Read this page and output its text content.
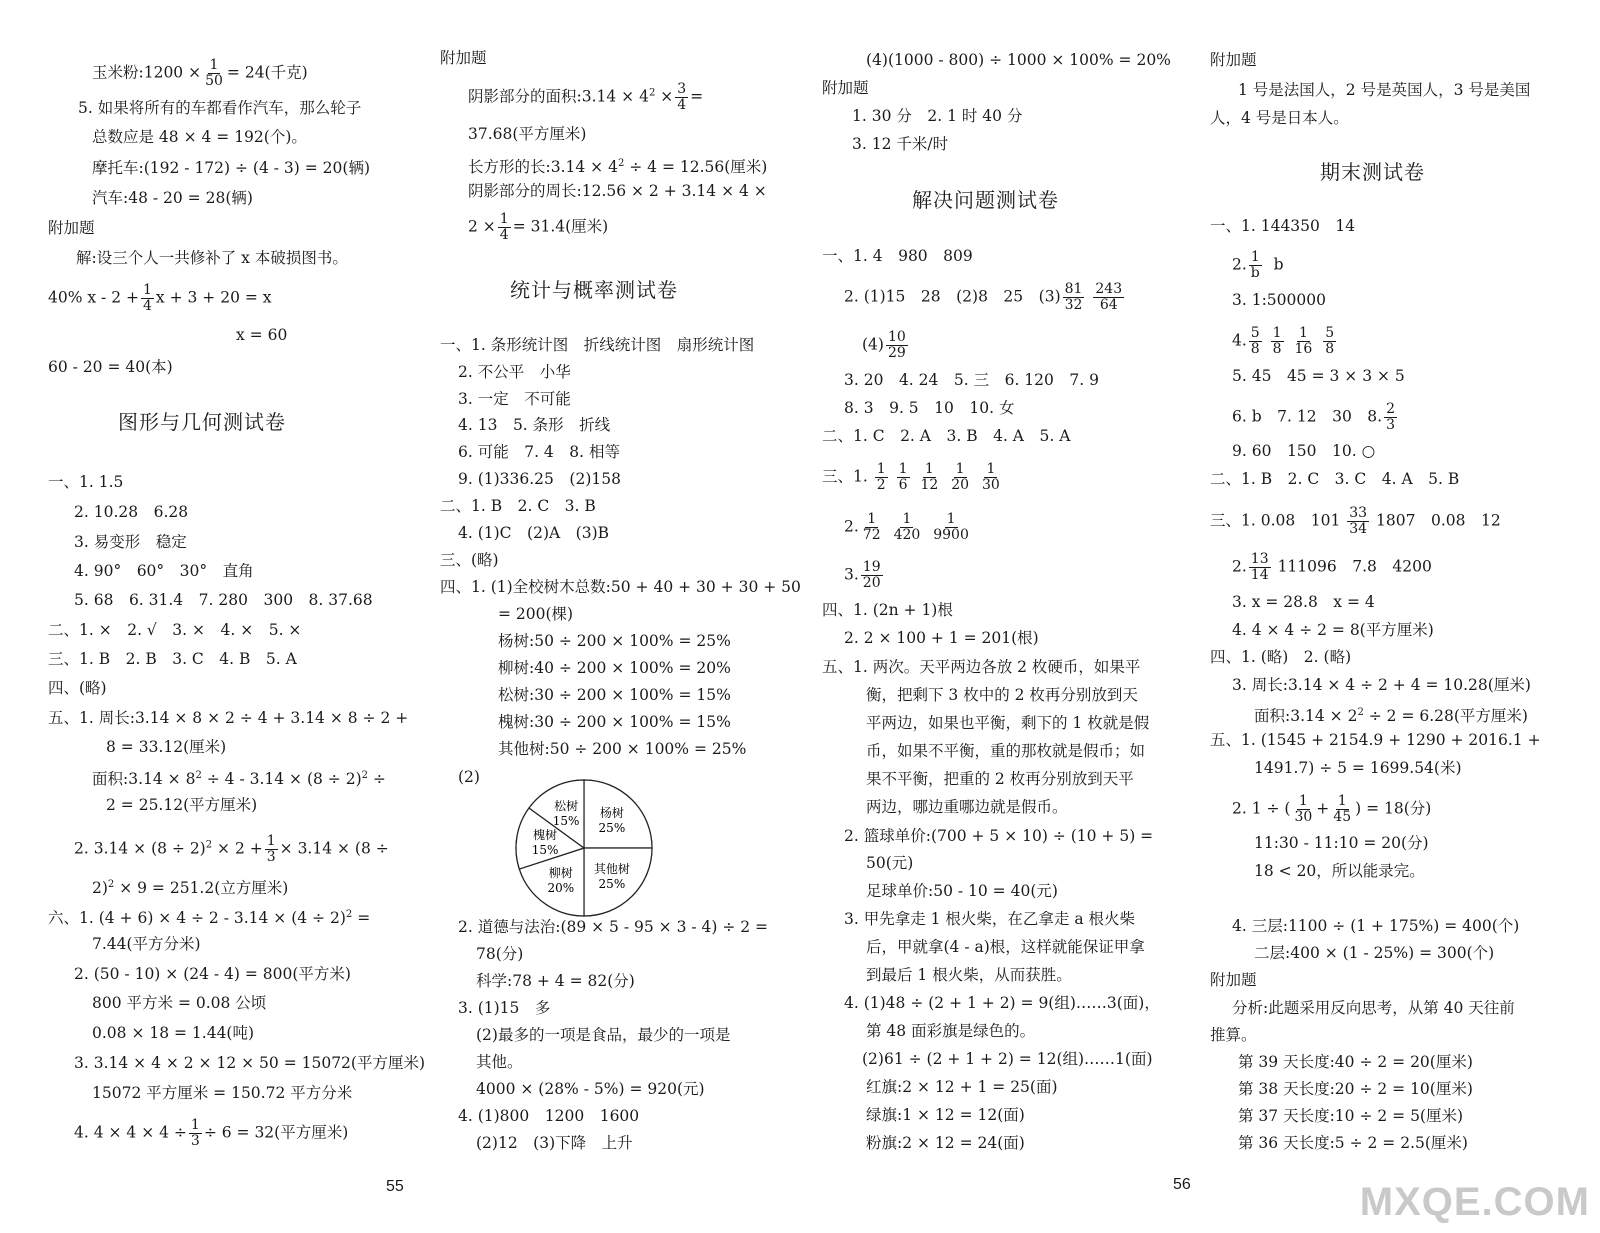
玉米粉:1200 × $\frac{1}{50} = 24$(千克)
5. 如果将所有的车都看作汽车，那么轮子
总数应是 48 × 4 = 192(个)。
摩托车:(192 - 172) ÷ (4 - 3) = 20(辆)
汽车:48 - 20 = 28(辆)
附加题
解:设三个人一共修补了 x 本破损图书。
40% $x - 2 + \frac{1}{4}$ x + 3 + 20 = x
x = 60
60 - 20 = 40(本)
图形与几何测试卷
一、1. 1.5
2. 10.28　6.28
3. 易变形　稳定
4. 90°　60°　30°　直角
5. 68　6. 31.4　7. 280　300　8. 37.68
二、1. ×　2. √　3. ×　4. ×　5. ×
三、1. B　2. B　3. C　4. B　5. A
四、(略)
五、1. 周长:3.14 × 8 × 2 ÷ 4 + 3.14 × 8 ÷ 2 +
8 = 33.12(厘米)
面积:3.14 × $8^2 \div 4 - 3.14 \times (8 \div 2)^2$ ÷
2 = 25.12(平方厘米)
2. $3.14 \times (8 \div 2)^2 \times 2 + \frac{1}{3} \times 3.14 \times (8$ ÷
2)$^2$ × 9 = 251.2(立方厘米)
六、1. $(4 + 6) \times 4 \div 2 - 3.14 \times (4 \div 2)^2$ =
7.44(平方分米)
2. (50 - 10) × (24 - 4) = 800(平方米)
800 平方米 = 0.08 公顷
0.08 × 18 = 1.44(吨)
3. 3.14 × 4 × 2 × 12 × 50 = 15072(平方厘米)
15072 平方厘米 = 150.72 平方分米
4. $4 \times 4 \times 4 \div \frac{1}{3} \div 6 = 32$(平方厘米)
附加题
阴影部分的面积:3.14 × $4^2 \times \frac{3}{4}$ =
37.68(平方厘米)
长方形的长:3.14 × $4^2 \div 4 = 12.56$(厘米)
阴影部分的周长:12.56 × 2 + 3.14 × 4 ×
$2 \times \frac{1}{4} = 31.4$(厘米)
统计与概率测试卷
一、1. 条形统计图　折线统计图　扇形统计图
2. 不公平　小华
3. 一定　不可能
4. 13　5. 条形　折线
6. 可能　7. 4　8. 相等
9. (1)336.25　(2)158
二、1. B　2. C　3. B
4. (1)C　(2)A　(3)B
三、(略)
四、1. (1)全校树木总数:50 + 40 + 30 + 30 + 50
= 200(棵)
杨树:50 ÷ 200 × 100% = 25%
柳树:40 ÷ 200 × 100% = 20%
松树:30 ÷ 200 × 100% = 15%
槐树:30 ÷ 200 × 100% = 15%
其他树:50 ÷ 200 × 100% = 25%
(2)
杨树
25%
其他树
25%
柳树
20%
槐树
15%
松树
15%
2. 道德与法治:(89 × 5 - 95 × 3 - 4) ÷ 2 =
78(分)
科学:78 + 4 = 82(分)
3. (1)15　多
(2)最多的一项是食品，最少的一项是
其他。
4000 × (28% - 5%) = 920(元)
4. (1)800　1200　1600
(2)12　(3)下降　上升
(4)(1000 - 800) ÷ 1000 × 100% = 20%
附加题
1. 30 分　2. 1 时 40 分
3. 12 千米/时
解决问题测试卷
一、1. 4　980　809
2. (1)15　28　(2)8　25　$(3) \frac{81}{32}$
$\frac{243}{64}$
$(4) \frac{10}{29}$
3. 20　4. 24　5. 三　6. 120　7. 9
8. 3　9. 5　10　10. 女
二、1. C　2. A　3. B　4. A　5. A
三、1. $\frac{1}{2}$
$\frac{1}{6}$
$\frac{1}{12}$
$\frac{1}{20}$
$\frac{1}{30}$
2. $\frac{1}{72}$
$\frac{1}{420}$
$\frac{1}{9900}$
3. $\frac{19}{20}$
四、1. (2n + 1)根
2. 2 × 100 + 1 = 201(根)
五、1. 两次。天平两边各放 2 枚硬币，如果平
衡，把剩下 3 枚中的 2 枚再分别放到天
平两边，如果也平衡，剩下的 1 枚就是假
币，如果不平衡，重的那枚就是假币；如
果不平衡，把重的 2 枚再分别放到天平
两边，哪边重哪边就是假币。
2. 篮球单价:(700 + 5 × 10) ÷ (10 + 5) =
50(元)
足球单价:50 - 10 = 40(元)
3. 甲先拿走 1 根火柴，在乙拿走 a 根火柴
后，甲就拿(4 - a)根，这样就能保证甲拿
到最后 1 根火柴，从而获胜。
4. (1)48 ÷ (2 + 1 + 2) = 9(组)……3(面)，
第 48 面彩旗是绿色的。
(2)61 ÷ (2 + 1 + 2) = 12(组)……1(面)
红旗:2 × 12 + 1 = 25(面)
绿旗:1 × 12 = 12(面)
粉旗:2 × 12 = 24(面)
附加题
1 号是法国人，2 号是英国人，3 号是美国
人，4 号是日本人。
期末测试卷
一、1. 144350　14
2. $\frac{1}{b}$ b
3. 1:500000
4. $\frac{5}{8}$
$\frac{1}{8}$
$\frac{1}{16}$
$\frac{5}{8}$
5. 45　45 = 3 × 3 × 5
6. b　7. 12　30　8. $\frac{2}{3}$
9. 60　150　10. ○
二、1. B　2. C　3. C　4. A　5. B
三、1. 0.08　$101 \frac{33}{34} 1807$　0.08　12
2. $\frac{13}{14} 111096$　7.8　4200
3. x = 28.8　x = 4
4. 4 × 4 ÷ 2 = 8(平方厘米)
四、1. (略)　2. (略)
3. 周长:3.14 × 4 ÷ 2 + 4 = 10.28(厘米)
面积:3.14 × $2^2 \div 2 = 6.28$(平方厘米)
五、1. (1545 + 2154.9 + 1290 + 2016.1 +
1491.7) ÷ 5 = 1699.54(米)
2. 1 ÷ ( $\frac{1}{30} + \frac{1}{45}$ ) = 18(分)
11:30 - 11:10 = 20(分)
18 < 20，所以能录完。
4. 三层:1100 ÷ (1 + 175%) = 400(个)
二层:400 × (1 - 25%) = 300(个)
附加题
分析:此题采用反向思考，从第 40 天往前
推算。
第 39 天长度:40 ÷ 2 = 20(厘米)
第 38 天长度:20 ÷ 2 = 10(厘米)
第 37 天长度:10 ÷ 2 = 5(厘米)
第 36 天长度:5 ÷ 2 = 2.5(厘米)
55	56	MXQE.COM
